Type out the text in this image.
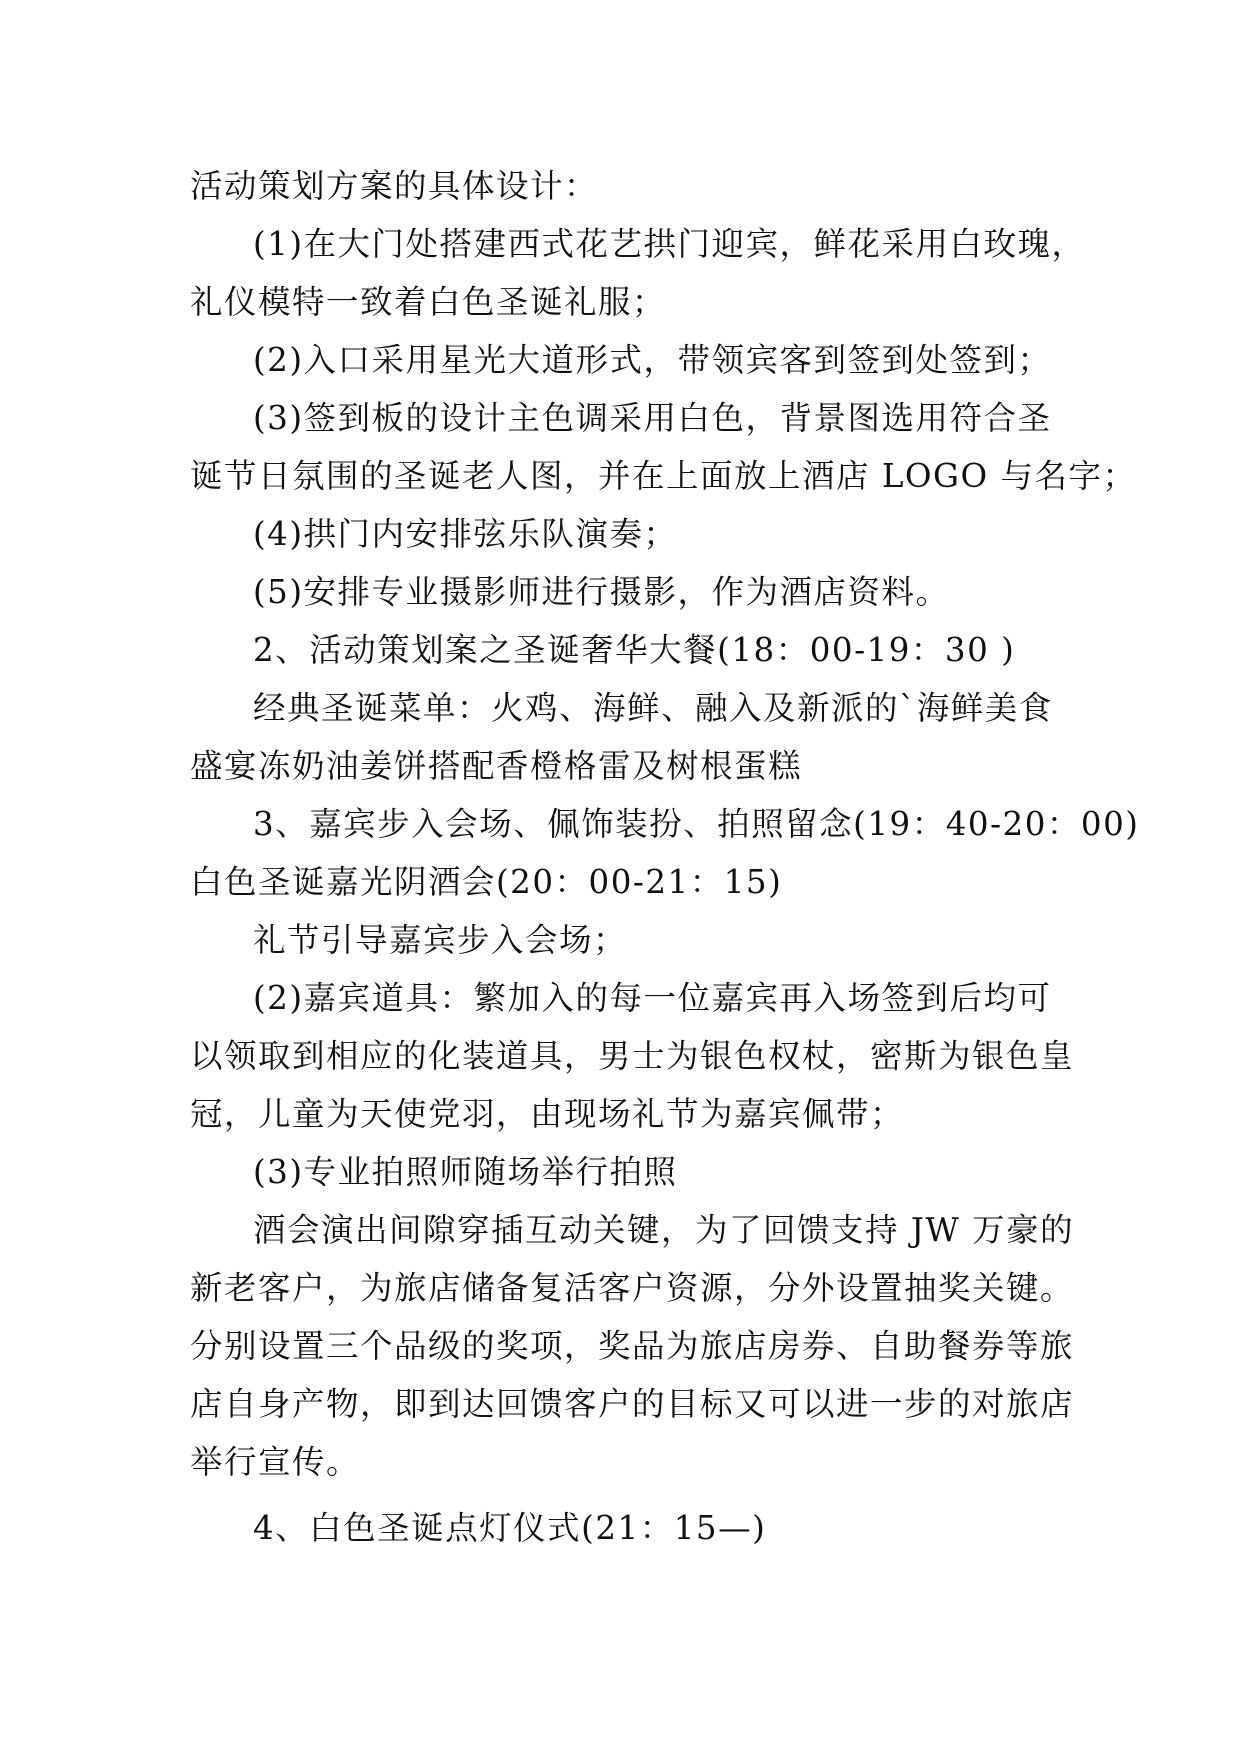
活动策划方案的具体设计：

(1)在大门处搭建西式花艺拱门迎宾，鲜花采用白玫瑰，

礼仪模特一致着白色圣诞礼服；

(2)入口采用星光大道形式，带领宾客到签到处签到；

(3)签到板的设计主色调采用白色，背景图选用符合圣

诞节日氛围的圣诞老人图，并在上面放上酒店 LOGO 与名字；

(4)拱门内安排弦乐队演奏；

(5)安排专业摄影师进行摄影，作为酒店资料。

2、活动策划案之圣诞奢华大餐(18：00-19：30 )

经典圣诞菜单：火鸡、海鲜、融入及新派的`海鲜美食

盛宴冻奶油姜饼搭配香橙格雷及树根蛋糕

3、嘉宾步入会场、佩饰装扮、拍照留念(19：40-20：00)

白色圣诞嘉光阴酒会(20：00-21：15)

礼节引导嘉宾步入会场；

(2)嘉宾道具：繁加入的每一位嘉宾再入场签到后均可

以领取到相应的化装道具，男士为银色权杖，密斯为银色皇

冠，儿童为天使党羽，由现场礼节为嘉宾佩带；

(3)专业拍照师随场举行拍照

酒会演出间隙穿插互动关键，为了回馈支持 JW 万豪的

新老客户，为旅店储备复活客户资源，分外设置抽奖关键。

分别设置三个品级的奖项，奖品为旅店房券、自助餐券等旅

店自身产物，即到达回馈客户的目标又可以进一步的对旅店

举行宣传。

4、白色圣诞点灯仪式(21：15—)
